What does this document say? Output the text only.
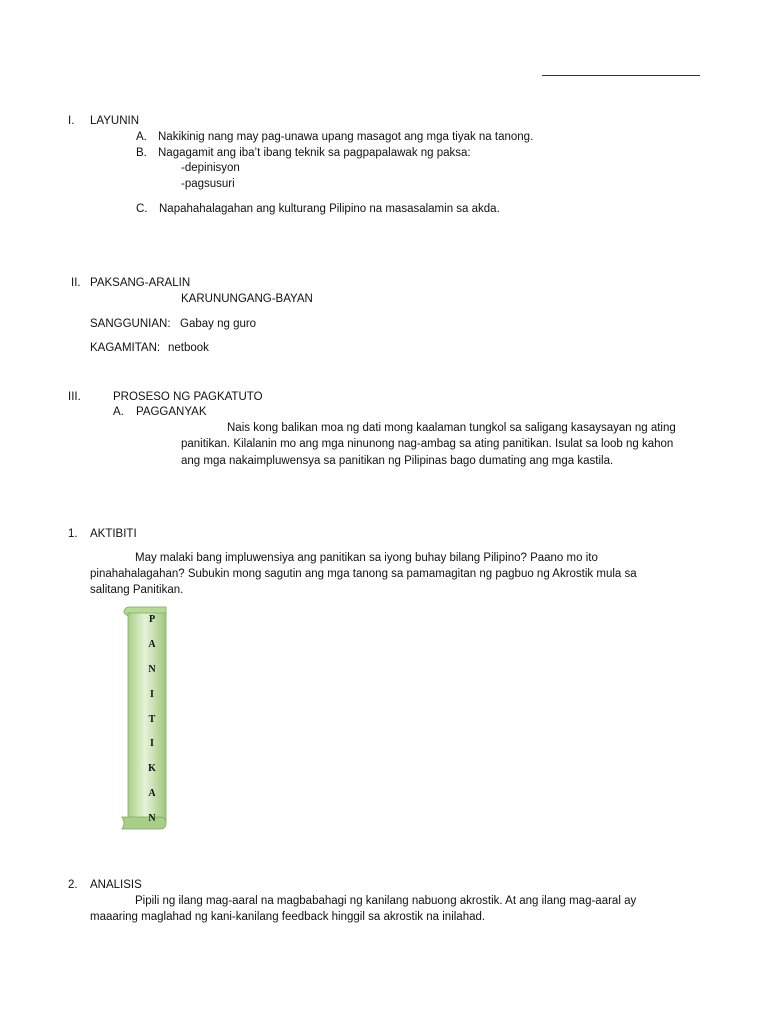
I. LAYUNIN
A. Nakikinig nang may pag-unawa upang masagot ang mga tiyak na tanong.
B. Nagagamit ang iba’t ibang teknik sa pagpapalawak ng paksa:
-depinisyon
-pagsusuri
C. Napahahalagahan ang kulturang Pilipino na masasalamin sa akda.
II. PAKSANG-ARALIN
KARUNUNGANG-BAYAN
SANGGUNIAN: Gabay ng guro
KAGAMITAN: netbook
III.	PROSESO NG PAGKATUTO
A. PAGGANYAK
Nais kong balikan moa ng dati mong kaalaman tungkol sa saligang kasaysayan ng ating
panitikan. Kilalanin mo ang mga ninunong nag-ambag sa ating panitikan. Isulat sa loob ng kahon
ang mga nakaimpluwensya sa panitikan ng Pilipinas bago dumating ang mga kastila.
1. AKTIBITI
May malaki bang impluwensiya ang panitikan sa iyong buhay bilang Pilipino? Paano mo ito
pinahahalagahan? Subukin mong sagutin ang mga tanong sa pamamagitan ng pagbuo ng Akrostik mula sa
salitang Panitikan.
P
A
N
I
T
I
K
A
N
2. ANALISIS
Pipili ng ilang mag-aaral na magbabahagi ng kanilang nabuong akrostik. At ang ilang mag-aaral ay
maaaring maglahad ng kani-kanilang feedback hinggil sa akrostik na inilahad.
